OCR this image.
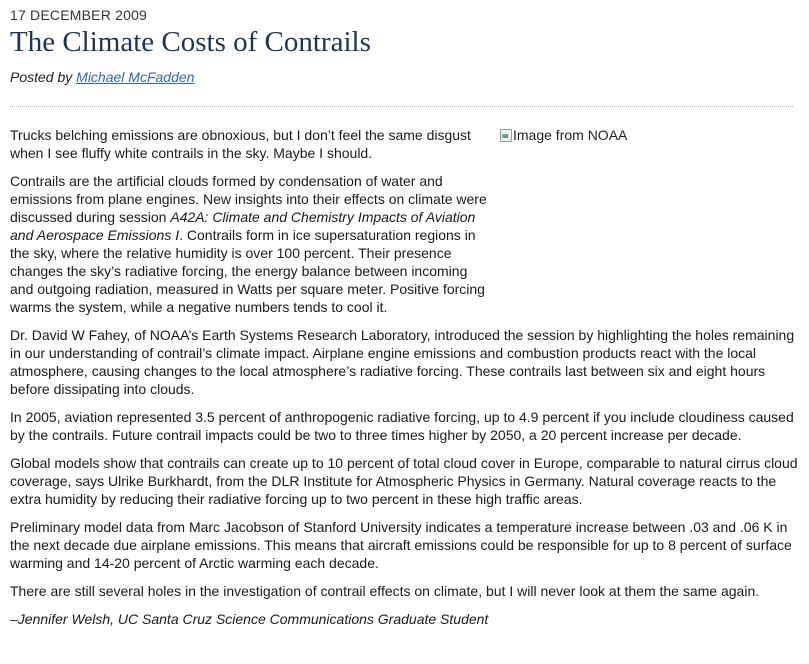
17 DECEMBER 2009

The Climate Costs of Contrails

Posted by Michael McFadden

Image from NOAA

Trucks belching emissions are obnoxious, but I don’t feel the same disgust when I see fluffy white contrails in the sky. Maybe I should.

Contrails are the artificial clouds formed by condensation of water and emissions from plane engines. New insights into their effects on climate were discussed during session A42A: Climate and Chemistry Impacts of Aviation and Aerospace Emissions I. Contrails form in ice supersaturation regions in the sky, where the relative humidity is over 100 percent. Their presence changes the sky’s radiative forcing, the energy balance between incoming and outgoing radiation, measured in Watts per square meter. Positive forcing warms the system, while a negative numbers tends to cool it.

Dr. David W Fahey, of NOAA’s Earth Systems Research Laboratory, introduced the session by highlighting the holes remaining in our understanding of contrail’s climate impact. Airplane engine emissions and combustion products react with the local atmosphere, causing changes to the local atmosphere’s radiative forcing. These contrails last between six and eight hours before dissipating into clouds.

In 2005, aviation represented 3.5 percent of anthropogenic radiative forcing, up to 4.9 percent if you include cloudiness caused by the contrails. Future contrail impacts could be two to three times higher by 2050, a 20 percent increase per decade.

Global models show that contrails can create up to 10 percent of total cloud cover in Europe, comparable to natural cirrus cloud coverage, says Ulrike Burkhardt, from the DLR Institute for Atmospheric Physics in Germany. Natural coverage reacts to the extra humidity by reducing their radiative forcing up to two percent in these high traffic areas.

Preliminary model data from Marc Jacobson of Stanford University indicates a temperature increase between .03 and .06 K in the next decade due airplane emissions. This means that aircraft emissions could be responsible for up to 8 percent of surface warming and 14-20 percent of Arctic warming each decade.

There are still several holes in the investigation of contrail effects on climate, but I will never look at them the same again.

–Jennifer Welsh, UC Santa Cruz Science Communications Graduate Student
